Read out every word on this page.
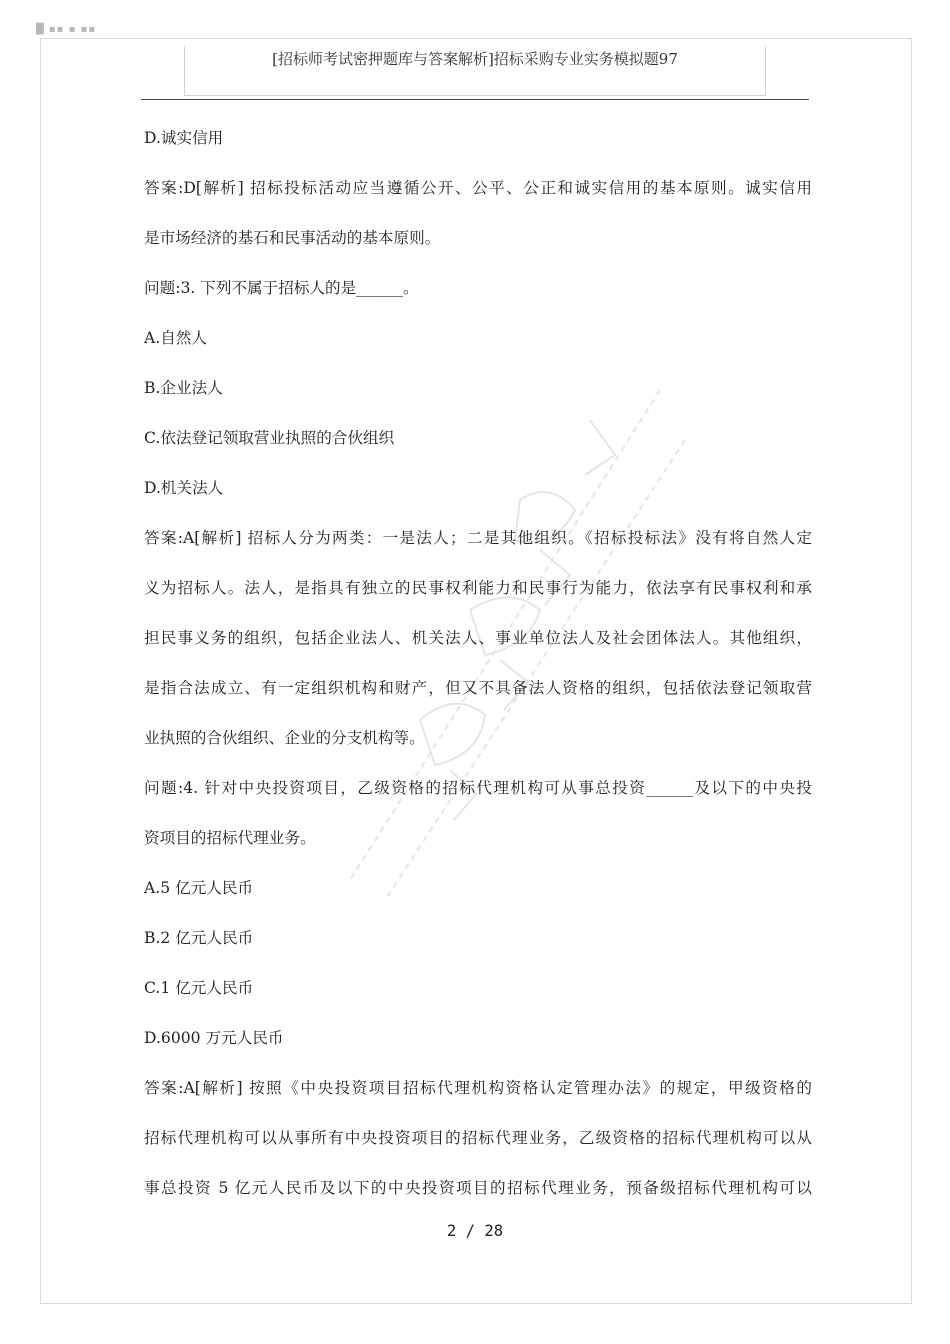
█ ▪▪ ▪ ▪▪
[招标师考试密押题库与答案解析]招标采购专业实务模拟题97
D.诚实信用
答案:D[解析] 招标投标活动应当遵循公开、公平、公正和诚实信用的基本原则。诚实信用
是市场经济的基石和民事活动的基本原则。
问题:3. 下列不属于招标人的是______。
A.自然人
B.企业法人
C.依法登记领取营业执照的合伙组织
D.机关法人
答案:A[解析] 招标人分为两类：一是法人；二是其他组织。《招标投标法》没有将自然人定
义为招标人。法人，是指具有独立的民事权利能力和民事行为能力，依法享有民事权利和承
担民事义务的组织，包括企业法人、机关法人、事业单位法人及社会团体法人。其他组织，
是指合法成立、有一定组织机构和财产，但又不具备法人资格的组织，包括依法登记领取营
业执照的合伙组织、企业的分支机构等。
问题:4. 针对中央投资项目，乙级资格的招标代理机构可从事总投资______及以下的中央投
资项目的招标代理业务。
A.5 亿元人民币
B.2 亿元人民币
C.1 亿元人民币
D.6000 万元人民币
答案:A[解析] 按照《中央投资项目招标代理机构资格认定管理办法》的规定，甲级资格的
招标代理机构可以从事所有中央投资项目的招标代理业务，乙级资格的招标代理机构可以从
事总投资 5 亿元人民币及以下的中央投资项目的招标代理业务，预备级招标代理机构可以
2 / 28
